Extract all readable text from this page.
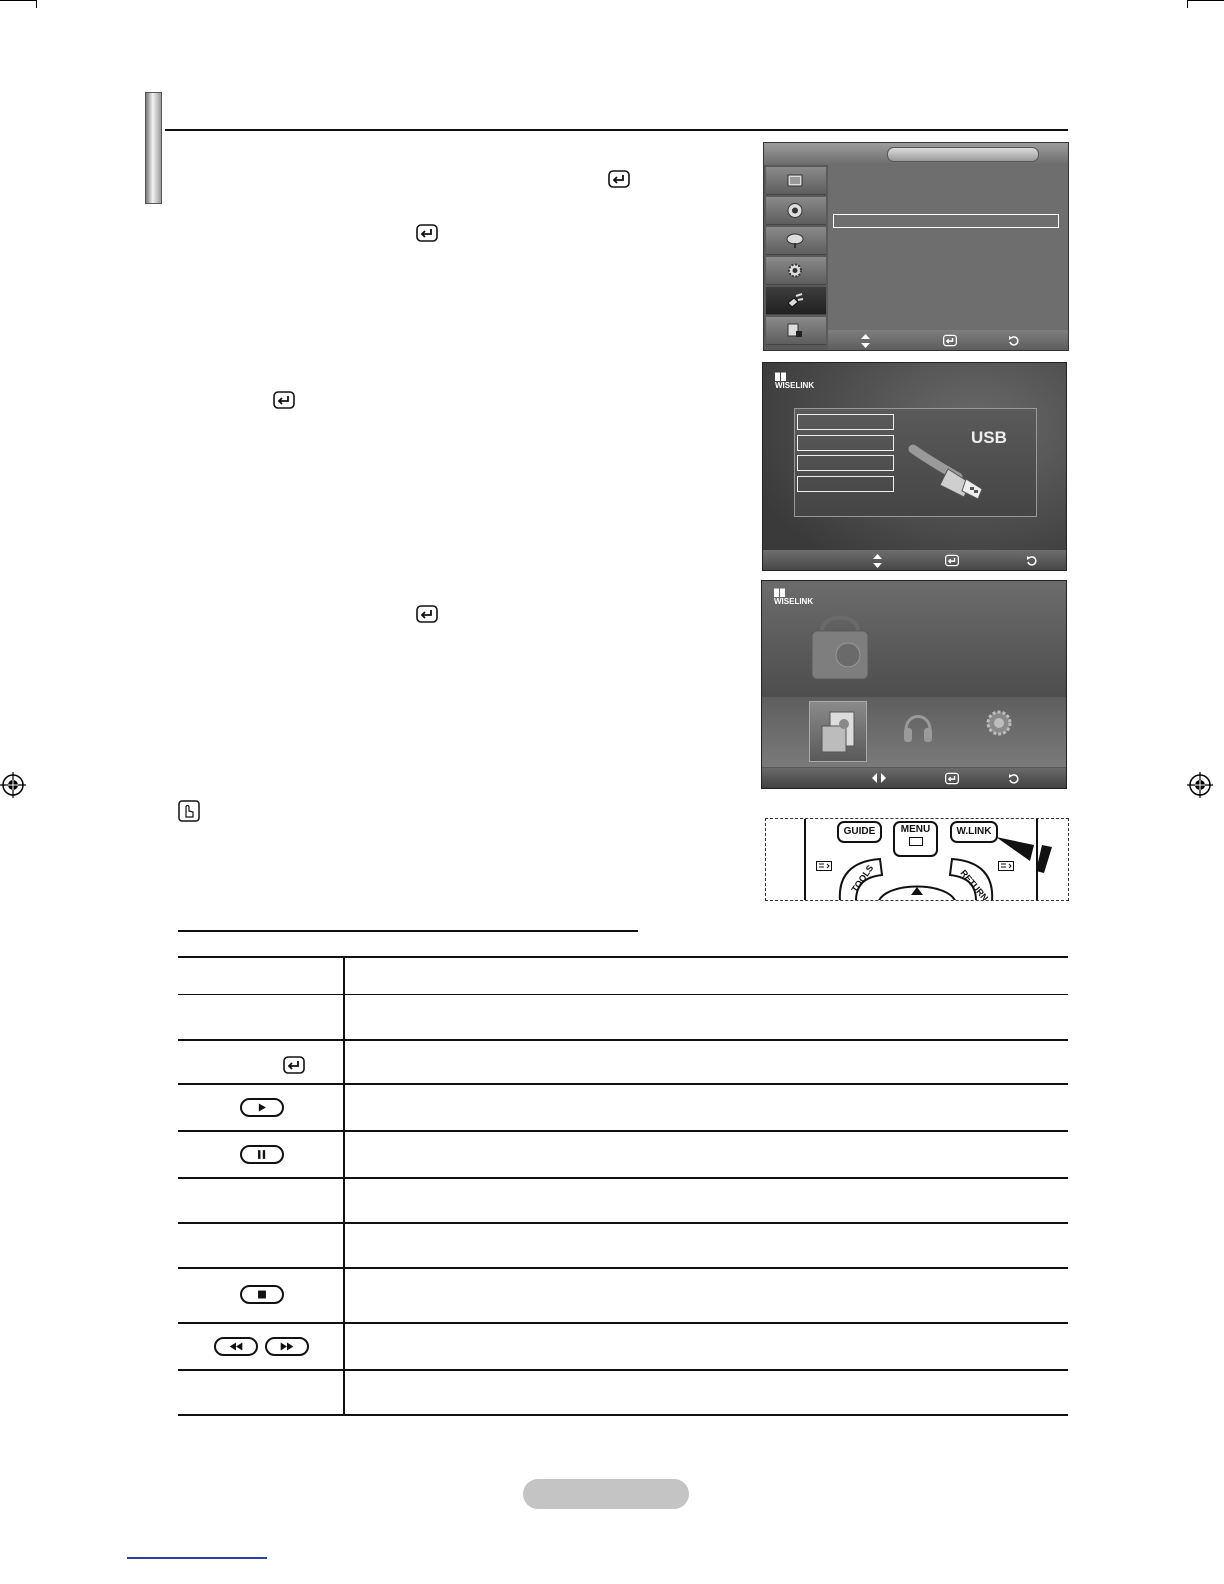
██
WISELINK
USB
██
WISELINK
GUIDE	MENU	W.LINK
TOOLS	RETURN
